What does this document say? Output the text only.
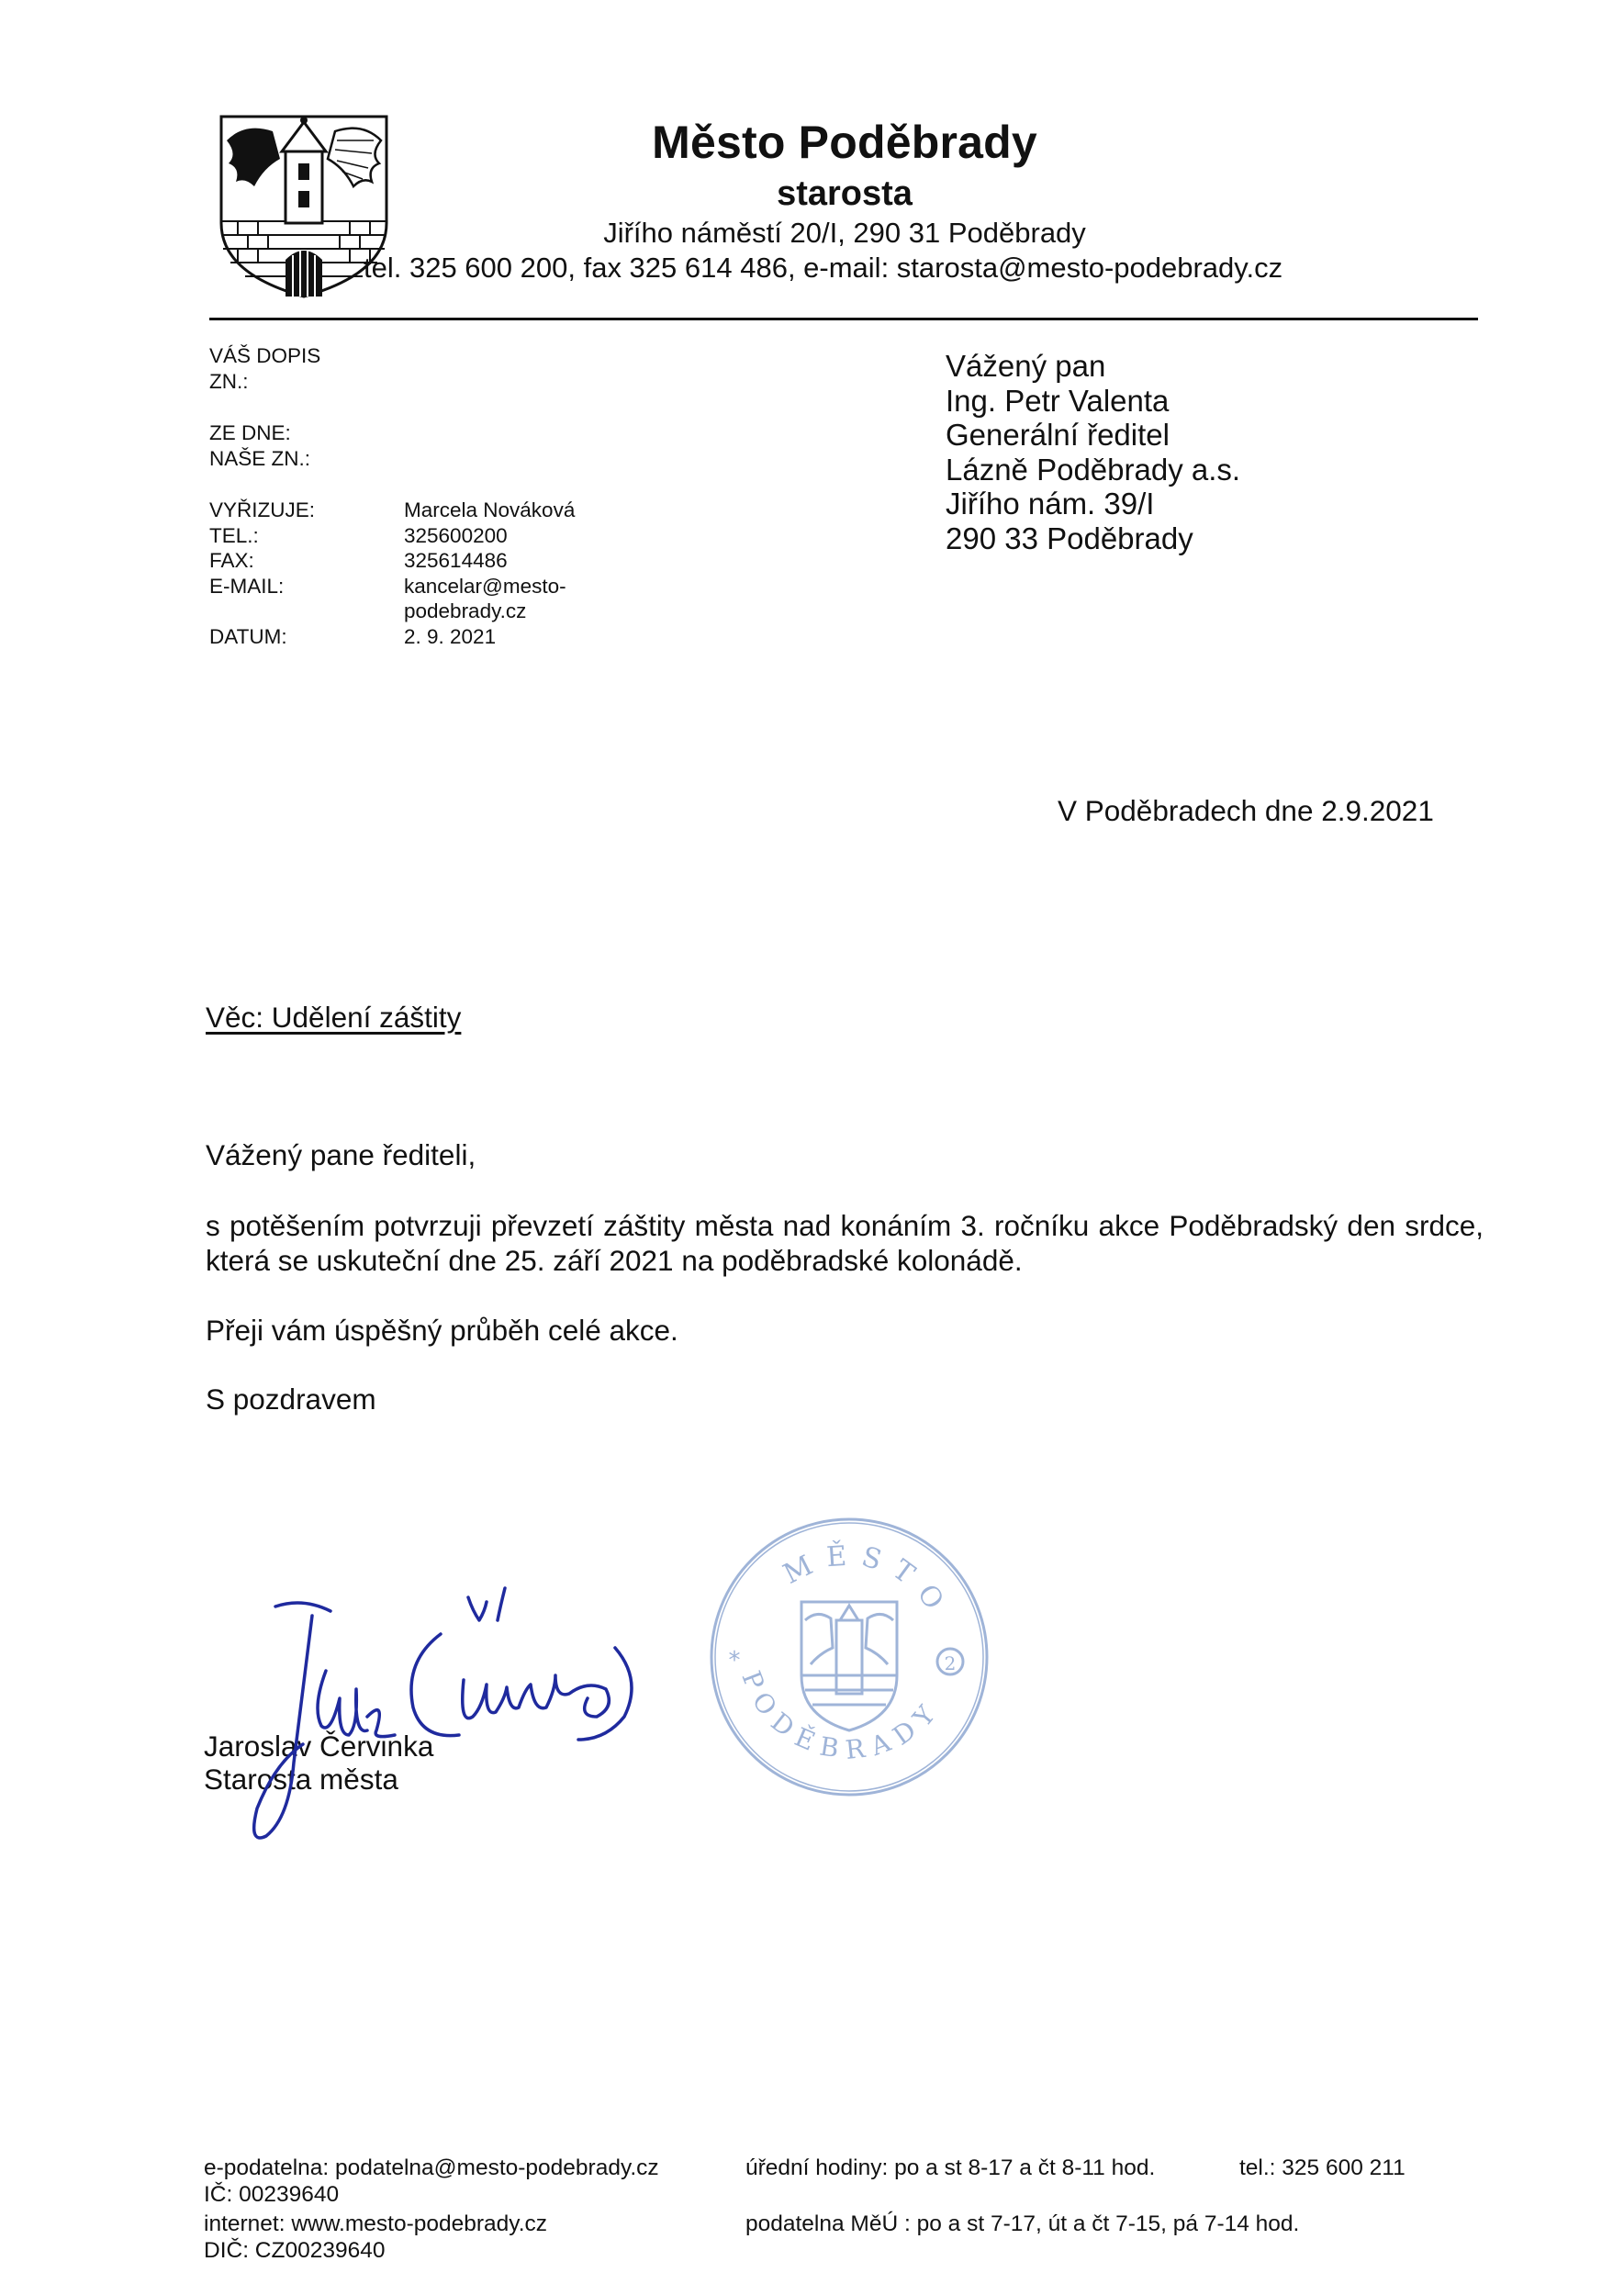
Město Poděbrady
starosta
Jiřího náměstí 20/I, 290 31 Poděbrady
tel. 325 600 200, fax 325 614 486, e-mail: starosta@mesto-podebrady.cz
VÁŠ DOPIS
ZN.:
ZE DNE:
NAŠE ZN.:
VYŘIZUJE:	Marcela Nováková
TEL.:	325600200
FAX:	325614486
E-MAIL:	kancelar@mesto-
podebrady.cz
DATUM:	2. 9. 2021
Vážený pan
Ing. Petr Valenta
Generální ředitel
Lázně Poděbrady a.s.
Jiřího nám. 39/I
290 33 Poděbrady
V Poděbradech dne 2.9.2021
Věc: Udělení záštity
Vážený pane řediteli,
s potěšením potvrzuji převzetí záštity města nad konáním 3. ročníku akce Poděbradský den srdce, která se uskuteční dne 25. září 2021 na poděbradské kolonádě.
Přeji vám úspěšný průběh celé akce.
S pozdravem
MĚSTO
PODĚBRADY
2
*
Jaroslav Červinka
Starosta města
e-podatelna: podatelna@mesto-podebrady.cz
IČ: 00239640
internet: www.mesto-podebrady.cz
DIČ: CZ00239640
úřední hodiny: po a st 8-17 a čt 8-11 hod.	tel.: 325 600 211
podatelna MěÚ : po a st 7-17, út a čt 7-15, pá 7-14 hod.
